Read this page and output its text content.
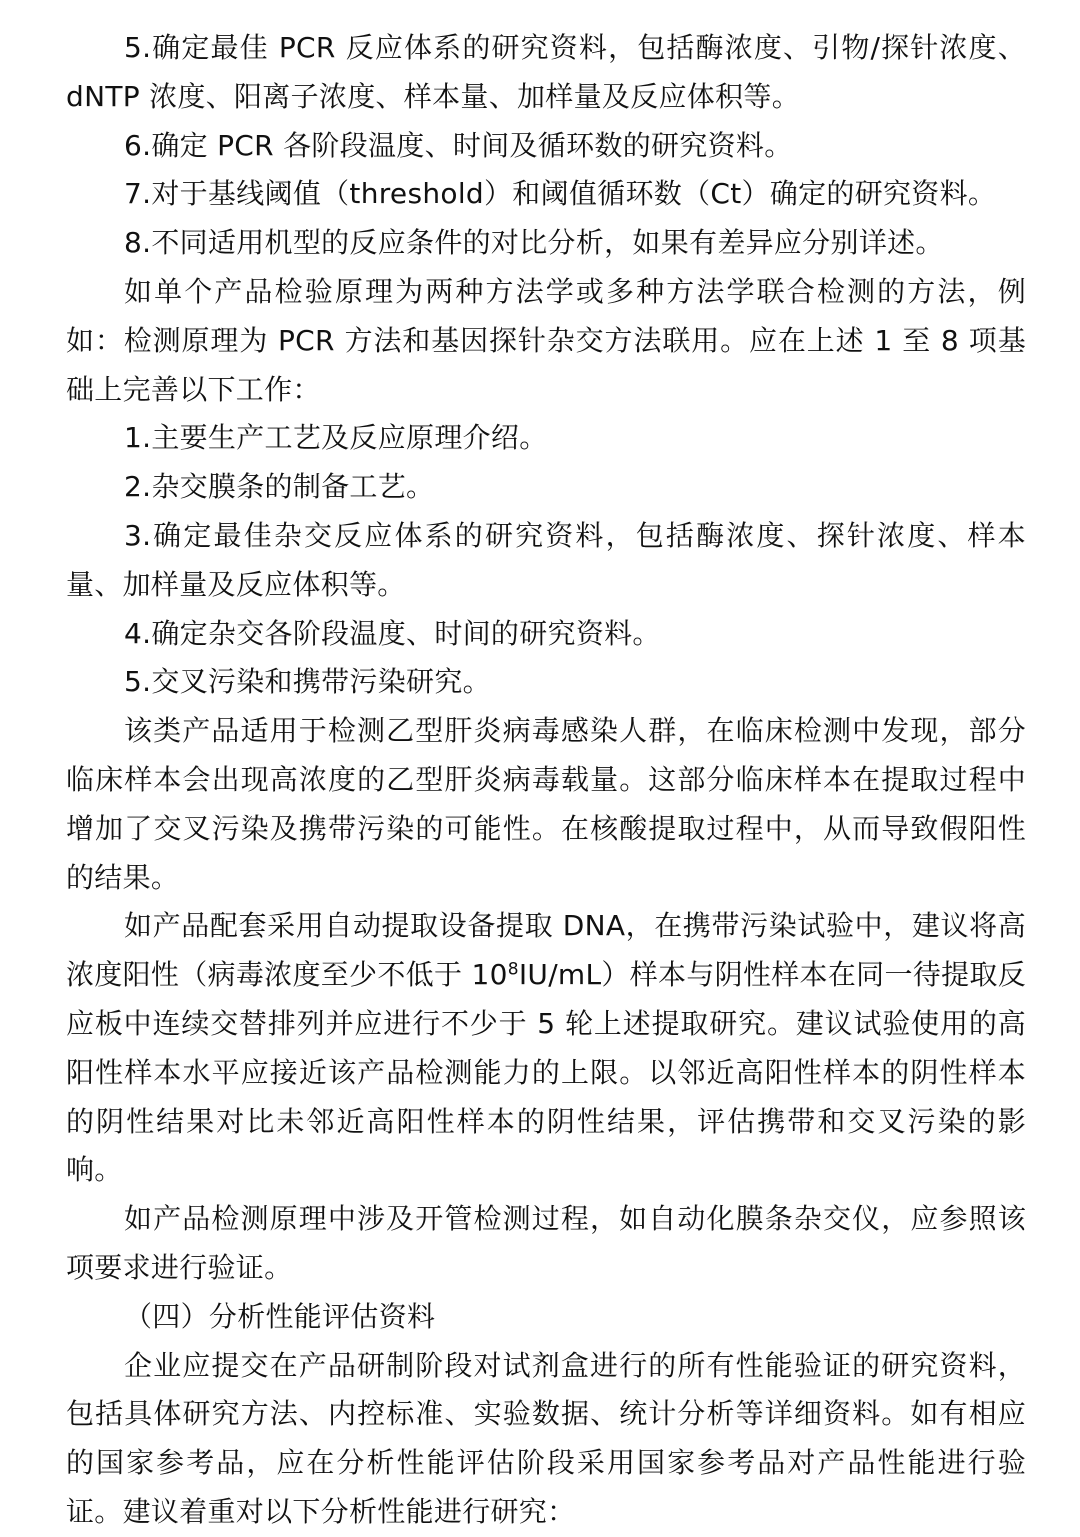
5.确定最佳 PCR 反应体系的研究资料，包括酶浓度、引物/探针浓度、dNTP 浓度、阳离子浓度、样本量、加样量及反应体积等。

6.确定 PCR 各阶段温度、时间及循环数的研究资料。

7.对于基线阈值（threshold）和阈值循环数（Ct）确定的研究资料。

8.不同适用机型的反应条件的对比分析，如果有差异应分别详述。

如单个产品检验原理为两种方法学或多种方法学联合检测的方法，例如：检测原理为 PCR 方法和基因探针杂交方法联用。应在上述 1 至 8 项基础上完善以下工作：

1.主要生产工艺及反应原理介绍。

2.杂交膜条的制备工艺。

3.确定最佳杂交反应体系的研究资料，包括酶浓度、探针浓度、样本量、加样量及反应体积等。

4.确定杂交各阶段温度、时间的研究资料。

5.交叉污染和携带污染研究。

该类产品适用于检测乙型肝炎病毒感染人群，在临床检测中发现，部分临床样本会出现高浓度的乙型肝炎病毒载量。这部分临床样本在提取过程中增加了交叉污染及携带污染的可能性。在核酸提取过程中，从而导致假阳性的结果。

如产品配套采用自动提取设备提取 DNA，在携带污染试验中，建议将高浓度阳性（病毒浓度至少不低于 $10^8IU/mL$）样本与阴性样本在同一待提取反应板中连续交替排列并应进行不少于 5 轮上述提取研究。建议试验使用的高阳性样本水平应接近该产品检测能力的上限。以邻近高阳性样本的阴性样本的阴性结果对比未邻近高阳性样本的阴性结果，评估携带和交叉污染的影响。

如产品检测原理中涉及开管检测过程，如自动化膜条杂交仪，应参照该项要求进行验证。

（四）分析性能评估资料

企业应提交在产品研制阶段对试剂盒进行的所有性能验证的研究资料，包括具体研究方法、内控标准、实验数据、统计分析等详细资料。如有相应的国家参考品，应在分析性能评估阶段采用国家参考品对产品性能进行验证。建议着重对以下分析性能进行研究：
